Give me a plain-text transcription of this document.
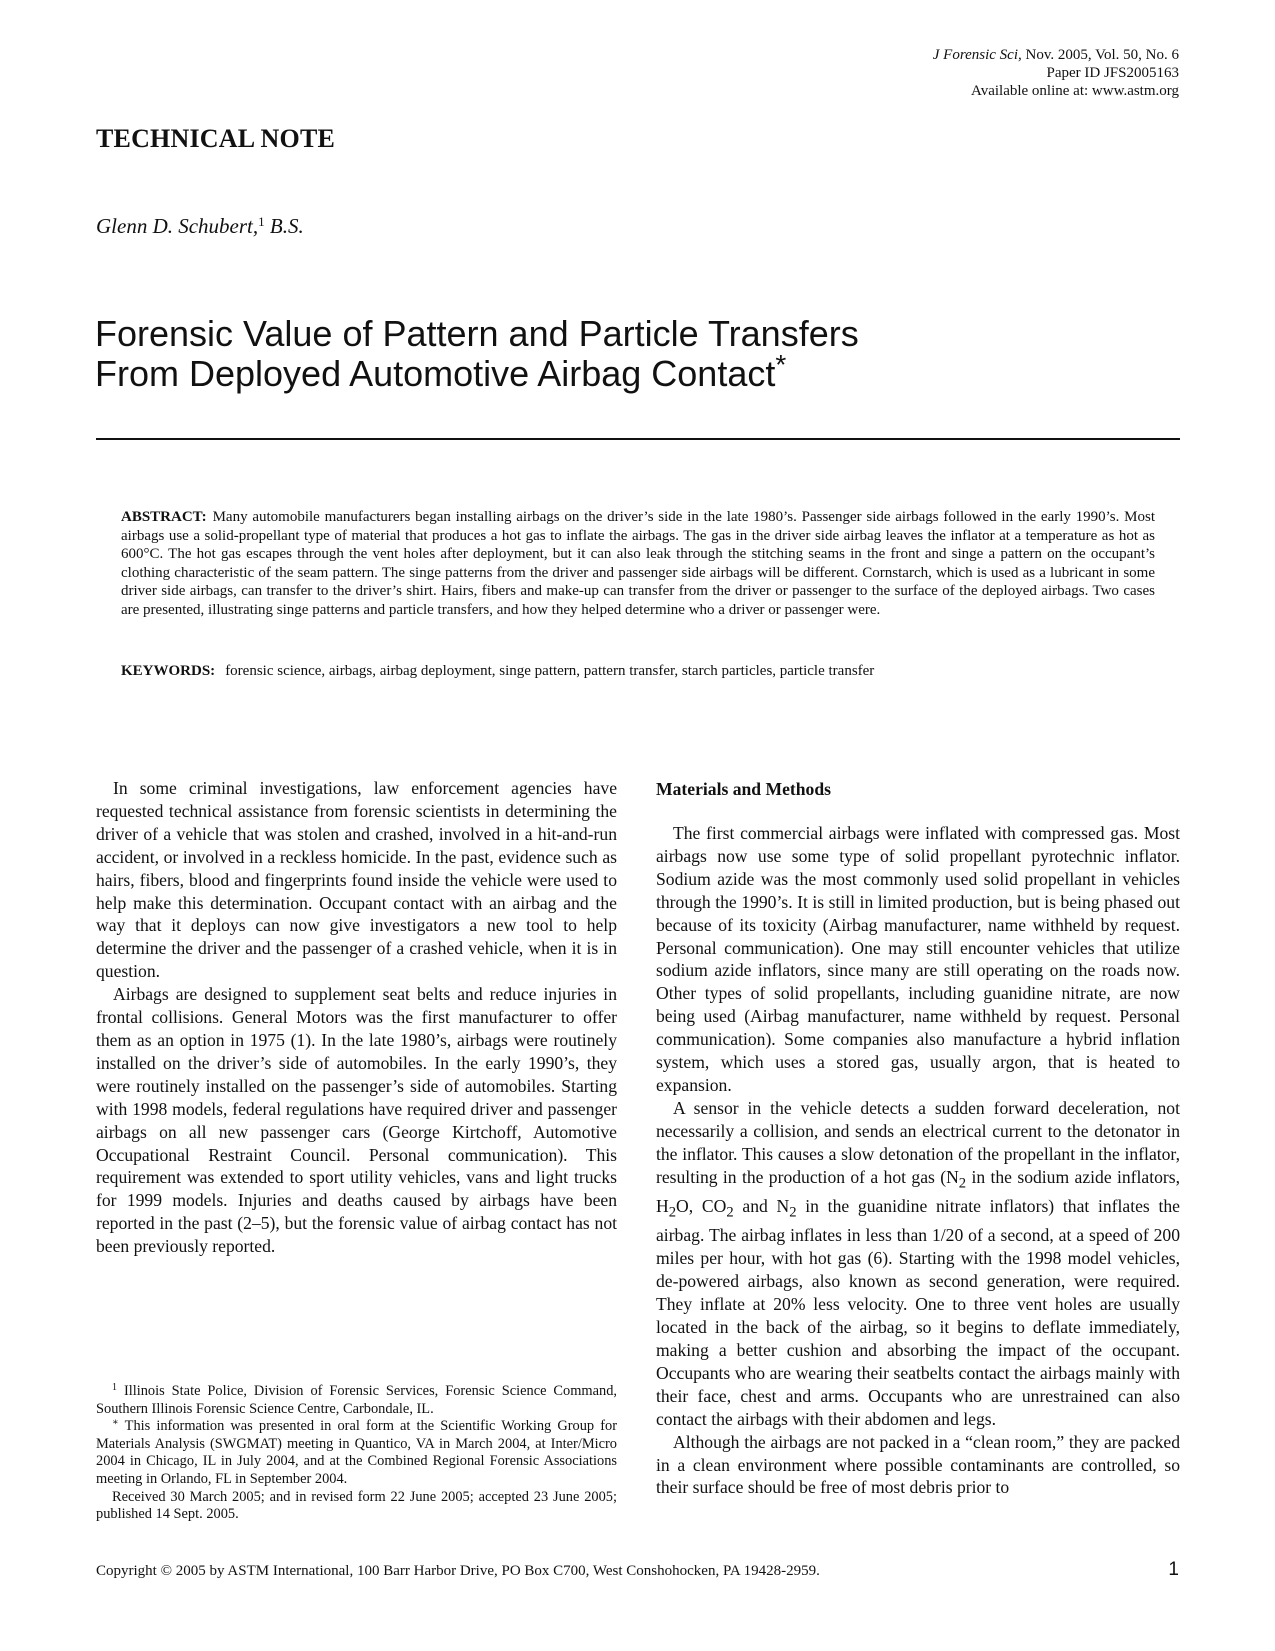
J Forensic Sci, Nov. 2005, Vol. 50, No. 6
Paper ID JFS2005163
Available online at: www.astm.org
TECHNICAL NOTE
Glenn D. Schubert,$^1$ B.S.
Forensic Value of Pattern and Particle Transfers
From Deployed Automotive Airbag Contact*
ABSTRACT: Many automobile manufacturers began installing airbags on the driver’s side in the late 1980’s. Passenger side airbags followed in the early 1990’s. Most airbags use a solid-propellant type of material that produces a hot gas to inflate the airbags. The gas in the driver side airbag leaves the inflator at a temperature as hot as 600°C. The hot gas escapes through the vent holes after deployment, but it can also leak through the stitching seams in the front and singe a pattern on the occupant’s clothing characteristic of the seam pattern. The singe patterns from the driver and passenger side airbags will be different. Cornstarch, which is used as a lubricant in some driver side airbags, can transfer to the driver’s shirt. Hairs, fibers and make-up can transfer from the driver or passenger to the surface of the deployed airbags. Two cases are presented, illustrating singe patterns and particle transfers, and how they helped determine who a driver or passenger were.
KEYWORDS: forensic science, airbags, airbag deployment, singe pattern, pattern transfer, starch particles, particle transfer

In some criminal investigations, law enforcement agencies have requested technical assistance from forensic scientists in determining the driver of a vehicle that was stolen and crashed, involved in a hit-and-run accident, or involved in a reckless homicide. In the past, evidence such as hairs, fibers, blood and fingerprints found inside the vehicle were used to help make this determination. Occupant contact with an airbag and the way that it deploys can now give investigators a new tool to help determine the driver and the passenger of a crashed vehicle, when it is in question.

Airbags are designed to supplement seat belts and reduce injuries in frontal collisions. General Motors was the first manufacturer to offer them as an option in 1975 (1). In the late 1980’s, airbags were routinely installed on the driver’s side of automobiles. In the early 1990’s, they were routinely installed on the passenger’s side of automobiles. Starting with 1998 models, federal regulations have required driver and passenger airbags on all new passenger cars (George Kirtchoff, Automotive Occupational Restraint Council. Personal communication). This requirement was extended to sport utility vehicles, vans and light trucks for 1999 models. Injuries and deaths caused by airbags have been reported in the past (2–5), but the forensic value of airbag contact has not been previously reported.

$^1$ Illinois State Police, Division of Forensic Services, Forensic Science Command, Southern Illinois Forensic Science Centre, Carbondale, IL.

∗ This information was presented in oral form at the Scientific Working Group for Materials Analysis (SWGMAT) meeting in Quantico, VA in March 2004, at Inter/Micro 2004 in Chicago, IL in July 2004, and at the Combined Regional Forensic Associations meeting in Orlando, FL in September 2004.

Received 30 March 2005; and in revised form 22 June 2005; accepted 23 June 2005; published 14 Sept. 2005.

Materials and Methods

The first commercial airbags were inflated with compressed gas. Most airbags now use some type of solid propellant pyrotechnic inflator. Sodium azide was the most commonly used solid propellant in vehicles through the 1990’s. It is still in limited production, but is being phased out because of its toxicity (Airbag manufacturer, name withheld by request. Personal communication). One may still encounter vehicles that utilize sodium azide inflators, since many are still operating on the roads now. Other types of solid propellants, including guanidine nitrate, are now being used (Airbag manufacturer, name withheld by request. Personal communication). Some companies also manufacture a hybrid inflation system, which uses a stored gas, usually argon, that is heated to expansion.

A sensor in the vehicle detects a sudden forward deceleration, not necessarily a collision, and sends an electrical current to the detonator in the inflator. This causes a slow detonation of the propellant in the inflator, resulting in the production of a hot gas ($N_2$ in the sodium azide inflators, $H_2O$, $CO_2$ and $N_2$ in the guanidine nitrate inflators) that inflates the airbag. The airbag inflates in less than 1/20 of a second, at a speed of 200 miles per hour, with hot gas (6). Starting with the 1998 model vehicles, de-powered airbags, also known as second generation, were required. They inflate at 20% less velocity. One to three vent holes are usually located in the back of the airbag, so it begins to deflate immediately, making a better cushion and absorbing the impact of the occupant. Occupants who are wearing their seatbelts contact the airbags mainly with their face, chest and arms. Occupants who are unrestrained can also contact the airbags with their abdomen and legs.

Although the airbags are not packed in a “clean room,” they are packed in a clean environment where possible contaminants are controlled, so their surface should be free of most debris prior to

Copyright © 2005 by ASTM International, 100 Barr Harbor Drive, PO Box C700, West Conshohocken, PA 19428-2959.	1
